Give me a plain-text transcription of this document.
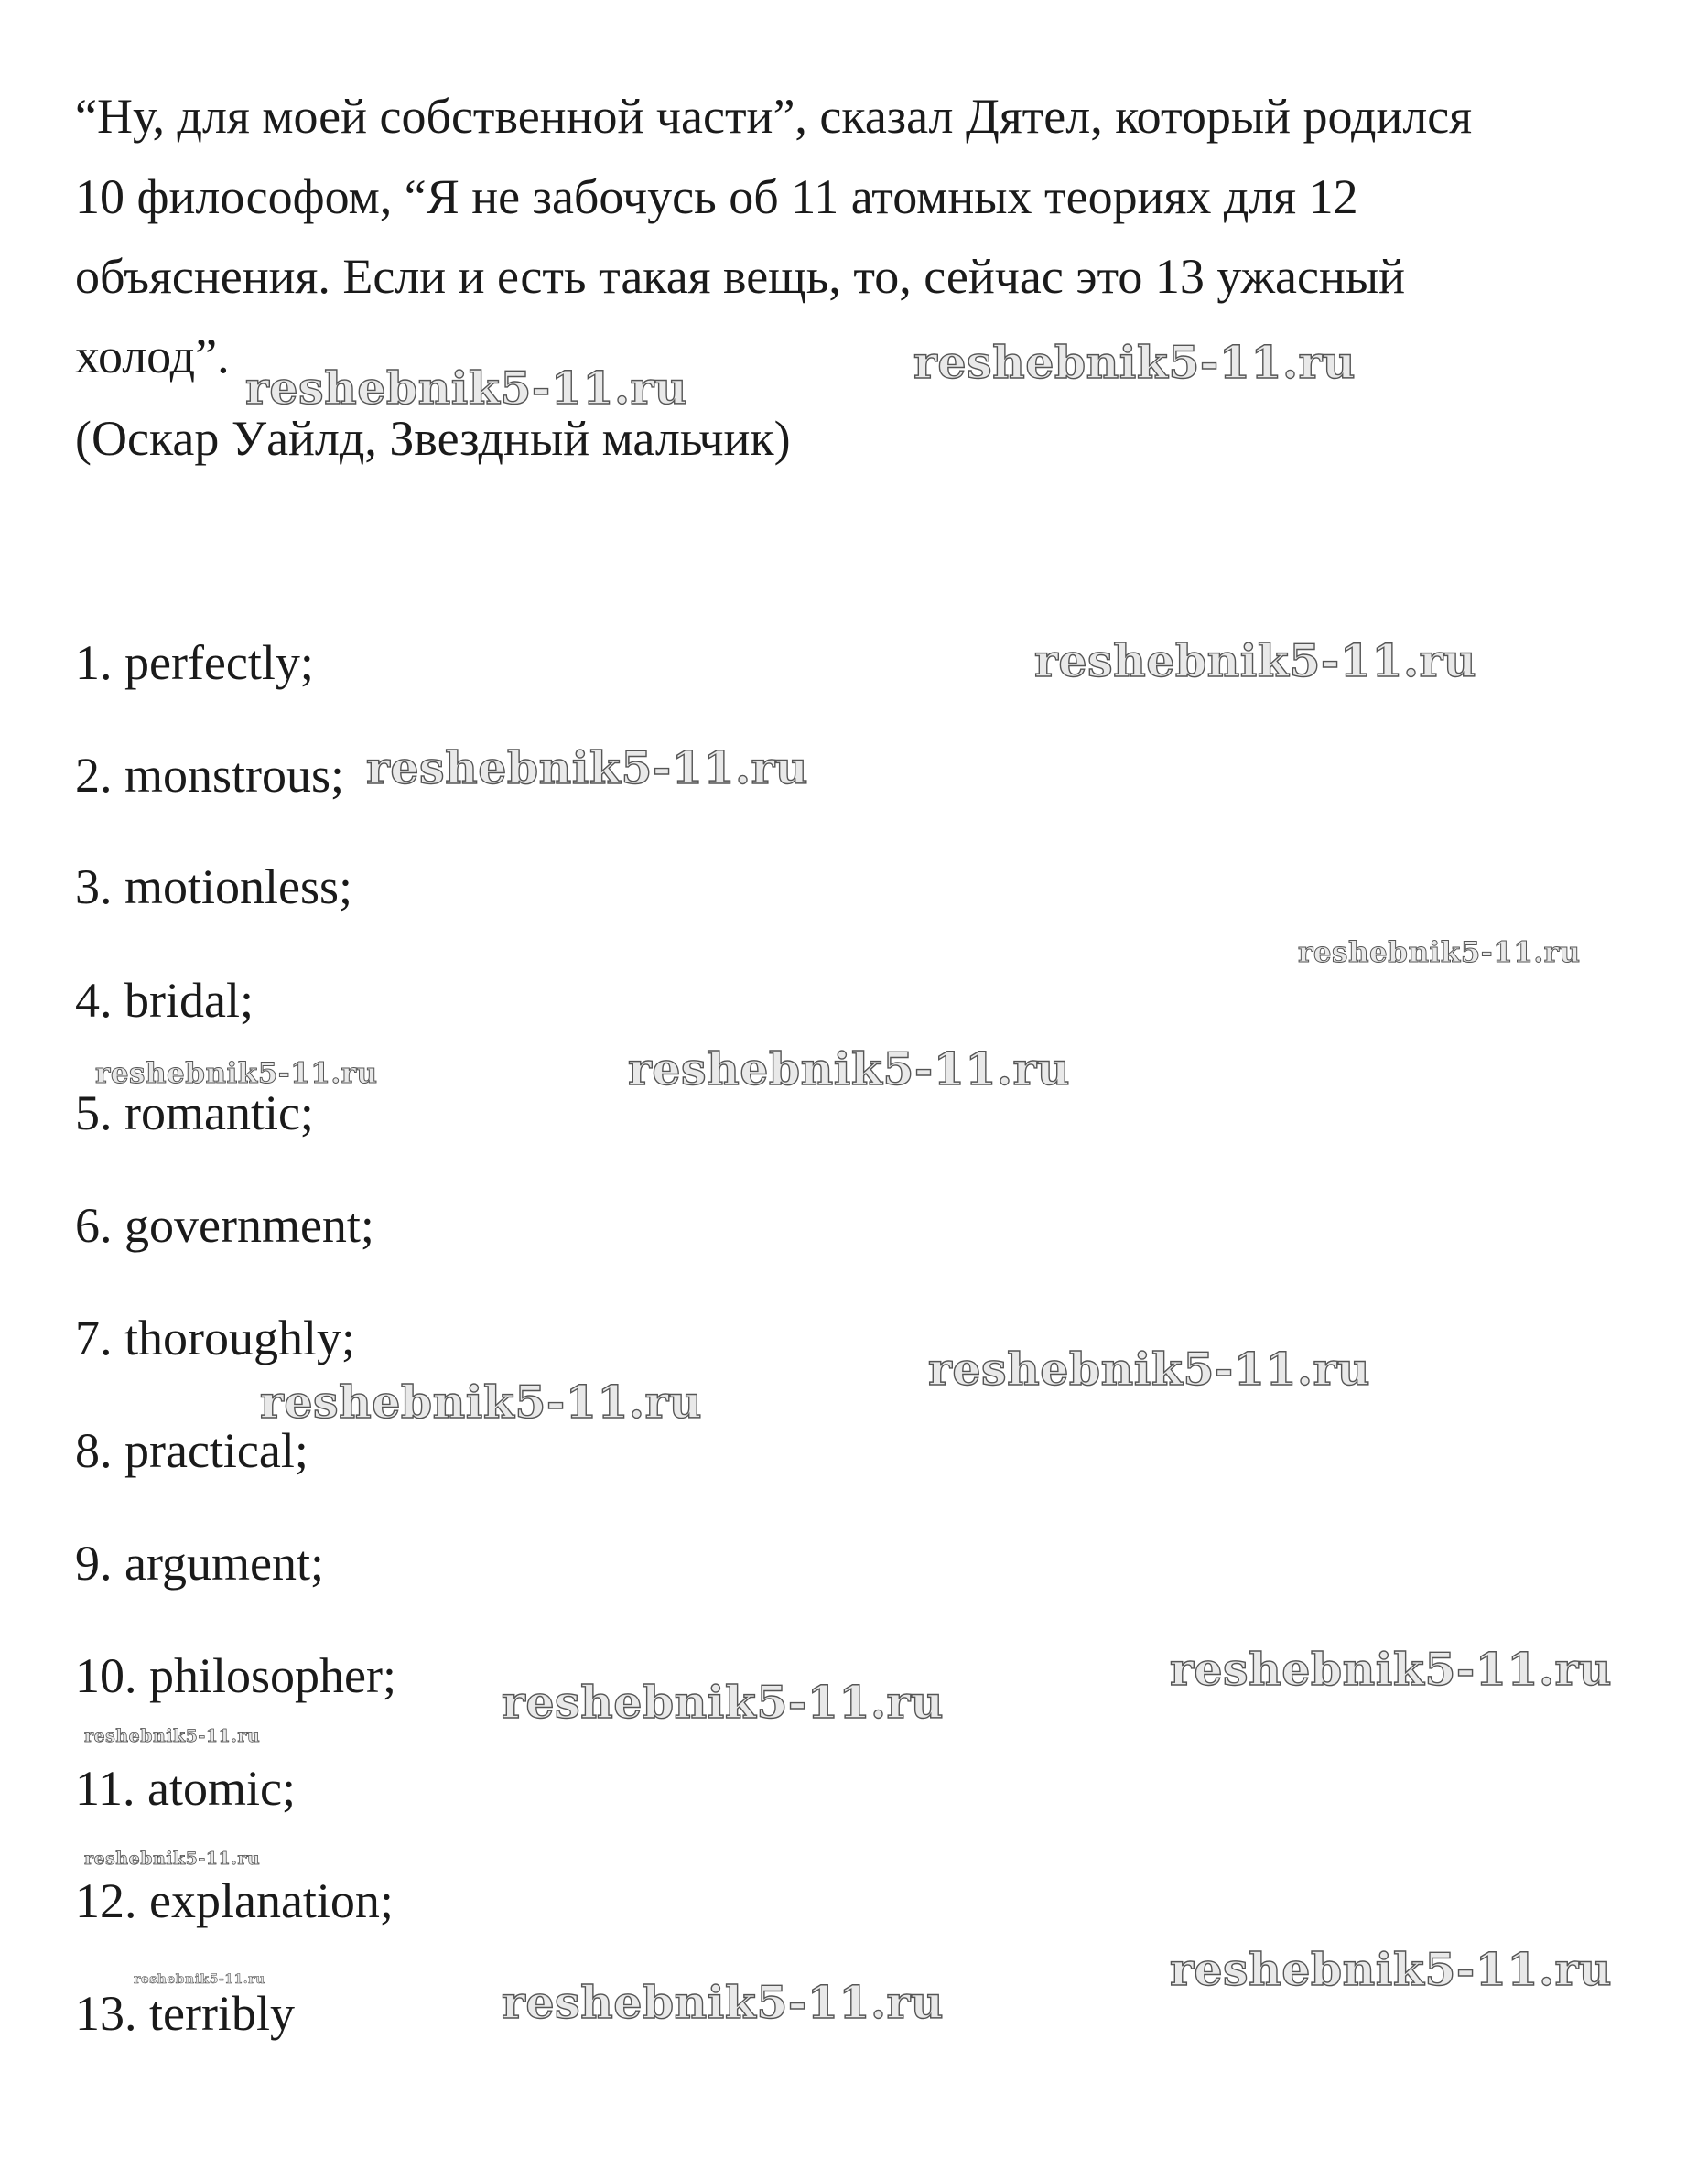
“Ну, для моей собственной части”, сказал Дятел, который родился
10 философом, “Я не забочусь об 11 атомных теориях для 12
объяснения. Если и есть такая вещь, то, сейчас это 13 ужасный
холод”.
(Оскар Уайлд, Звездный мальчик)
1. perfectly;
2. monstrous;
3. motionless;
4. bridal;
5. romantic;
6. government;
7. thoroughly;
8. practical;
9. argument;
10. philosopher;
11. atomic;
12. explanation;
13. terribly
reshebnik5-11.ru	reshebnik5-11.ru
reshebnik5-11.ru
reshebnik5-11.ru
reshebnik5-11.ru
reshebnik5-11.ru	reshebnik5-11.ru
reshebnik5-11.ru
reshebnik5-11.ru
reshebnik5-11.ru
reshebnik5-11.ru
reshebnik5-11.ru
reshebnik5-11.ru
reshebnik5-11.ru	reshebnik5-11.ru
reshebnik5-11.ru
